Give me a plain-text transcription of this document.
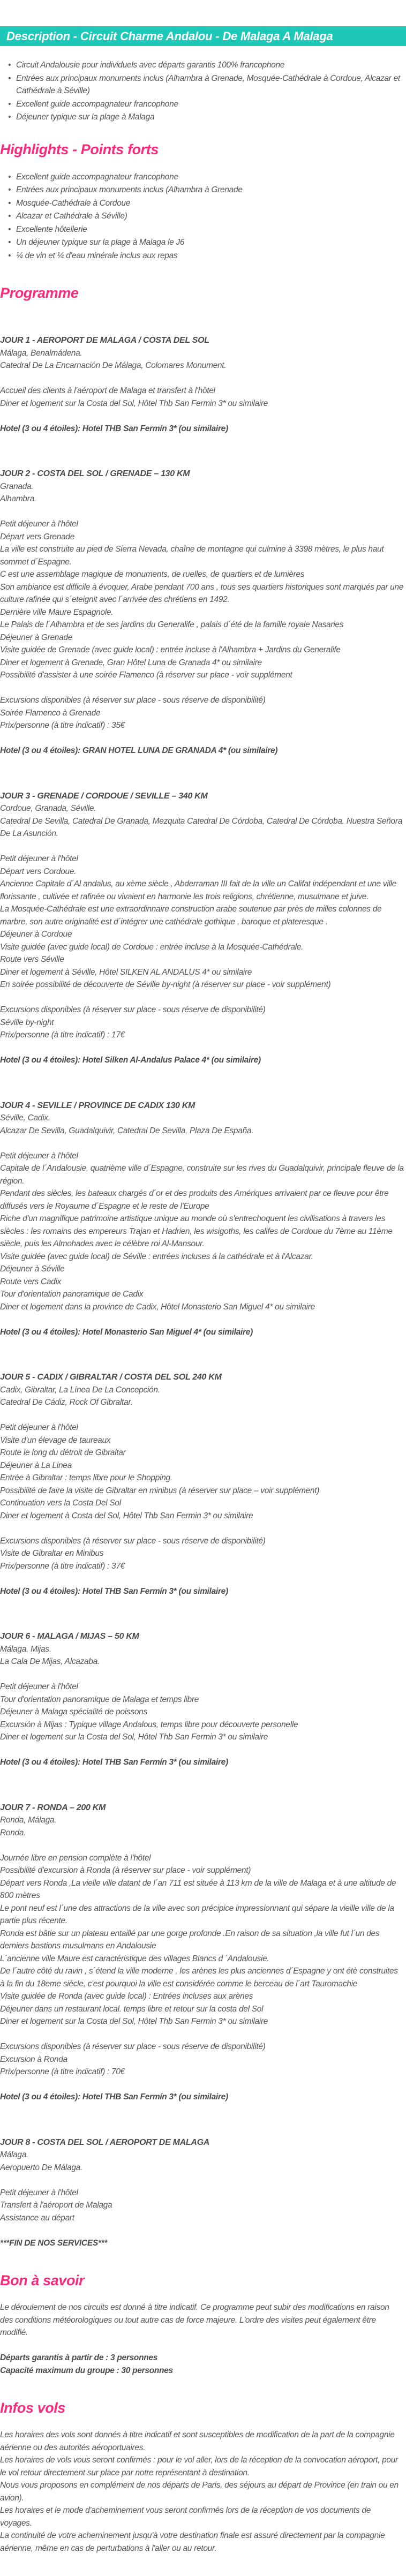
Description - Circuit Charme Andalou - De Malaga A Malaga
• Circuit Andalousie pour individuels avec départs garantis 100% francophone
• Entrées aux principaux monuments inclus (Alhambra à Grenade, Mosquée-Cathédrale à Cordoue, Alcazar et Cathédrale à Séville)
• Excellent guide accompagnateur francophone
• Déjeuner typique sur la plage à Malaga
Highlights - Points forts
• Excellent guide accompagnateur francophone
• Entrées aux principaux monuments inclus (Alhambra à Grenade
• Mosquée-Cathédrale à Cordoue
• Alcazar et Cathédrale à Séville)
• Excellente hôtellerie
• Un déjeuner typique sur la plage à Malaga le J6
• ¼ de vin et ¼ d'eau minérale inclus aux repas
Programme

JOUR 1 - AEROPORT DE MALAGA / COSTA DEL SOL

Málaga, Benalmádena.

Catedral De La Encarnación De Málaga, Colomares Monument.

Accueil des clients à l'aéroport de Malaga et transfert à l'hôtel

Diner et logement sur la Costa del Sol, Hôtel Thb San Fermin 3* ou similaire

Hotel (3 ou 4 étoiles): Hotel THB San Fermín 3* (ou similaire)

JOUR 2 - COSTA DEL SOL / GRENADE – 130 KM

Granada.

Alhambra.

Petit déjeuner à l'hôtel

Départ vers Grenade

La ville est construite au pied de Sierra Nevada, chaîne de montagne qui culmine à 3398 mètres, le plus haut sommet d´Espagne.

C est une assemblage magique de monuments, de ruelles, de quartiers et de lumières

Son ambiance est difficile à évoquer, Arabe pendant 700 ans , tous ses quartiers historiques sont marqués par une culture rafinée qui s´eteignit avec l´arrivée des chrétiens en 1492.

Dernière ville Maure Espagnole.

Le Palais de l´Alhambra et de ses jardins du Generalife , palais d´été de la famille royale Nasaries

Déjeuner à Grenade

Visite guidée de Grenade (avec guide local) : entrée incluse à l'Alhambra + Jardins du Generalife

Diner et logement à Grenade, Gran Hôtel Luna de Granada 4* ou similaire

Possibilité d'assister à une soirée Flamenco (à réserver sur place - voir supplément

Excursions disponibles (à réserver sur place - sous réserve de disponibilité)

Soirée Flamenco à Grenade

Prix/personne (à titre indicatif) : 35€

Hotel (3 ou 4 étoiles): GRAN HOTEL LUNA DE GRANADA 4* (ou similaire)

JOUR 3 - GRENADE / CORDOUE / SEVILLE – 340 KM

Cordoue, Granada, Séville.

Catedral De Sevilla, Catedral De Granada, Mezquita Catedral De Córdoba, Catedral De Córdoba. Nuestra Señora De La Asunción.

Petit déjeuner à l'hôtel

Départ vers Cordoue.

Ancienne Capitale d´Al andalus, au xème siècle , Abderraman III fait de la ville un Califat indépendant et une ville florissante , cultivée et rafinée ou vivaient en harmonie les trois religions, chrétienne, musulmane et juive.

La Mosquée-Cathédrale est une extraordinnaire construction arabe soutenue par près de milles colonnes de marbre, son autre originalité est d´intégrer une cathédrale gothique , baroque et plateresque .

Déjeuner à Cordoue

Visite guidée (avec guide local) de Cordoue : entrée incluse à la Mosquée-Cathédrale.

Route vers Séville

Diner et logement à Séville, Hôtel SILKEN AL ANDALUS 4* ou similaire

En soirée possibilité de découverte de Séville by-night (à réserver sur place - voir supplément)

Excursions disponibles (à réserver sur place - sous réserve de disponibilité)

Séville by-night

Prix/personne (à titre indicatif) : 17€

Hotel (3 ou 4 étoiles): Hotel Silken Al-Andalus Palace 4* (ou similaire)

JOUR 4 - SEVILLE / PROVINCE DE CADIX 130 KM

Séville, Cadix.

Alcazar De Sevilla, Guadalquivir, Catedral De Sevilla, Plaza De España.

Petit déjeuner à l'hôtel

Capitale de l´Andalousie, quatrième ville d´Espagne, construite sur les rives du Guadalquivir, principale fleuve de la région.

Pendant des siècles, les bateaux chargés d´or et des produits des Amériques arrivaient par ce fleuve pour être diffusés vers le Royaume d´Espagne et le reste de l'Europe

Riche d'un magnifique patrimoine artistique unique au monde où s'entrechoquent les civilisations à travers les siècles : les romains des empereurs Trajan et Hadrien, les wisigoths, les califes de Cordoue du 7ème au 11ème siècle, puis les Almohades avec le célèbre roi Al-Mansour.

Visite guidée (avec guide local) de Séville : entrées incluses á la cathédrale et à l'Alcazar.

Déjeuner à Séville

Route vers Cadix

Tour d'orientation panoramique de Cadix

Diner et logement dans la province de Cadix, Hôtel Monasterio San Miguel 4* ou similaire

Hotel (3 ou 4 étoiles): Hotel Monasterio San Miguel 4* (ou similaire)

JOUR 5 - CADIX / GIBRALTAR / COSTA DEL SOL 240 KM

Cadix, Gibraltar, La Línea De La Concepción.

Catedral De Cádiz, Rock Of Gibraltar.

Petit déjeuner à l'hôtel

Visite d'un élevage de taureaux

Route le long du détroit de Gibraltar

Déjeuner à La Linea

Entrée à Gibraltar : temps libre pour le Shopping.

Possibilité de faire la visite de Gibraltar en minibus (à réserver sur place – voir supplément)

Continuation vers la Costa Del Sol

Diner et logement à Costa del Sol, Hôtel Thb San Fermin 3* ou similaire

Excursions disponibles (à réserver sur place - sous réserve de disponibilité)

Visite de Gibraltar en Minibus

Prix/personne (à titre indicatif) : 37€

Hotel (3 ou 4 étoiles): Hotel THB San Fermín 3* (ou similaire)

JOUR 6 - MALAGA / MIJAS – 50 KM

Málaga, Mijas.

La Cala De Mijas, Alcazaba.

Petit déjeuner à l'hôtel

Tour d'orientation panoramique de Malaga et temps libre

Déjeuner à Malaga spécialité de poissons

Excursión à Mijas : Typique village Andalous, temps libre pour découverte personelle

Diner et logement sur la Costa del Sol, Hôtel Thb San Fermin 3* ou similaire

Hotel (3 ou 4 étoiles): Hotel THB San Fermín 3* (ou similaire)

JOUR 7 - RONDA – 200 KM

Ronda, Málaga.

Ronda.

Journée libre en pension complète à l'hôtel

Possibilité d'excursion à Ronda (à réserver sur place - voir supplément)

Départ vers Ronda ,La vielle ville datant de l´an 711 est située à 113 km de la ville de Malaga et à une altitude de 800 mètres

Le pont neuf est l´une des attractions de la ville avec son précipice impressionnant qui sépare la vieille ville de la partie plus récente.

Ronda est bâtie sur un plateau entaillé par une gorge profonde .En raison de sa situation ,la ville fut l´un des derniers bastions musulmans en Andalousie

L´ancienne ville Maure est caractéristique des villages Blancs d ´Andalousie.

De l´autre côté du ravin , s´étend la ville moderne , les arènes les plus anciennes d´Espagne y ont étè construites à la fin du 18eme siècle, c'est pourquoi la ville est considérée comme le berceau de l´art Tauromachie

Visite guidée de Ronda (avec guide local) : Entrées incluses aux arènes

Déjeuner dans un restaurant local. temps libre et retour sur la costa del Sol

Diner et logement sur la Costa del Sol, Hôtel Thb San Fermin 3* ou similaire

Excursions disponibles (à réserver sur place - sous réserve de disponibilité)

Excursion à Ronda

Prix/personne (à titre indicatif) : 70€

Hotel (3 ou 4 étoiles): Hotel THB San Fermín 3* (ou similaire)

JOUR 8 - COSTA DEL SOL / AEROPORT DE MALAGA

Málaga.

Aeropuerto De Málaga.

Petit déjeuner à l'hôtel

Transfert à l'aéroport de Malaga

Assistance au départ

***FIN DE NOS SERVICES***

Bon à savoir

Le déroulement de nos circuits est donné à titre indicatif. Ce programme peut subir des modifications en raison des conditions météorologiques ou tout autre cas de force majeure. L'ordre des visites peut également être modifié.

Départs garantis à partir de : 3 personnes

Capacité maximum du groupe : 30 personnes

Infos vols

Les horaires des vols sont donnés à titre indicatif et sont susceptibles de modification de la part de la compagnie aérienne ou des autorités aéroportuaires.

Les horaires de vols vous seront confirmés : pour le vol aller, lors de la réception de la convocation aéroport, pour le vol retour directement sur place par notre représentant à destination.

Nous vous proposons en complément de nos départs de Paris, des séjours au départ de Province (en train ou en avion).

Les horaires et le mode d'acheminement vous seront confirmés lors de la réception de vos documents de voyages.

La continuité de votre acheminement jusqu'à votre destination finale est assuré directement par la compagnie aérienne, même en cas de perturbations à l'aller ou au retour.
